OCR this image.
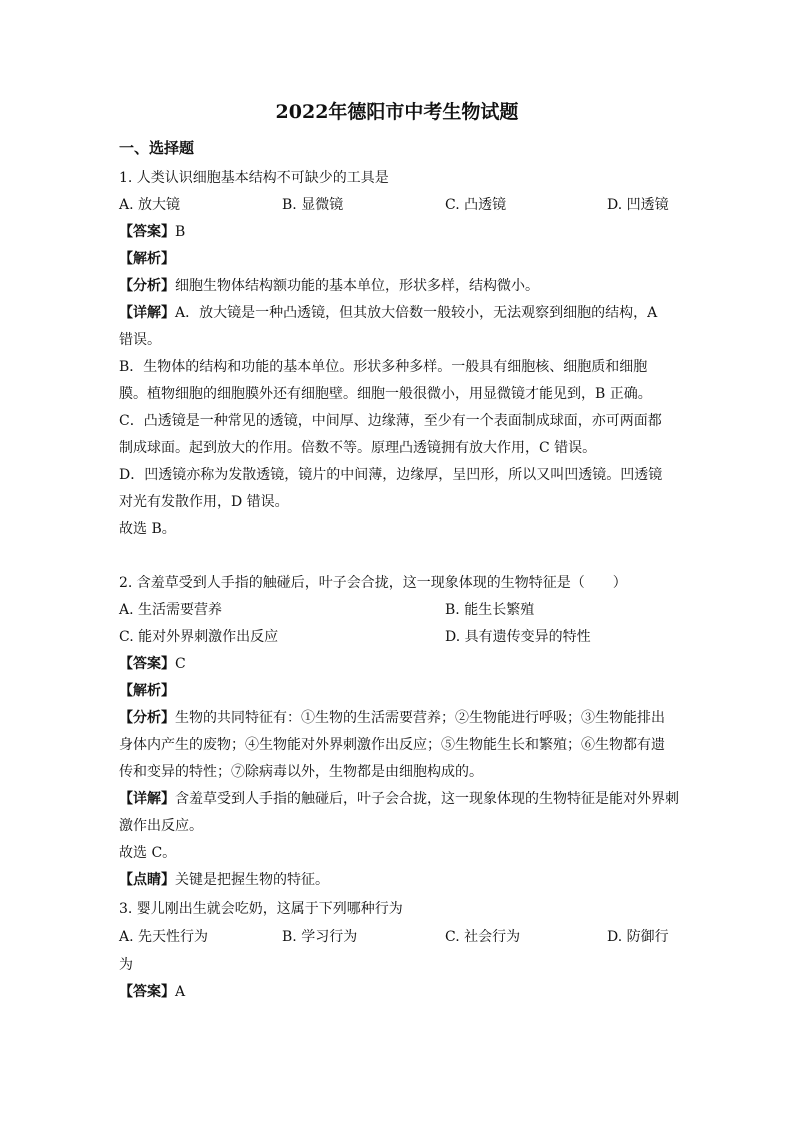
2022年德阳市中考生物试题
一、选择题
1. 人类认识细胞基本结构不可缺少的工具是
A. 放大镜	B. 显微镜	C. 凸透镜	D. 凹透镜
【答案】B
【解析】
【分析】细胞生物体结构额功能的基本单位，形状多样，结构微小。
【详解】A．放大镜是一种凸透镜，但其放大倍数一般较小，无法观察到细胞的结构，A
错误。
B．生物体的结构和功能的基本单位。形状多种多样。一般具有细胞核、细胞质和细胞
膜。植物细胞的细胞膜外还有细胞壁。细胞一般很微小，用显微镜才能见到，B 正确。
C．凸透镜是一种常见的透镜，中间厚、边缘薄，至少有一个表面制成球面，亦可两面都
制成球面。起到放大的作用。倍数不等。原理凸透镜拥有放大作用，C 错误。
D．凹透镜亦称为发散透镜，镜片的中间薄，边缘厚，呈凹形，所以又叫凹透镜。凹透镜
对光有发散作用，D 错误。
故选 B。
2. 含羞草受到人手指的触碰后，叶子会合拢，这一现象体现的生物特征是（　　）
A. 生活需要营养	B. 能生长繁殖
C. 能对外界刺激作出反应	D. 具有遗传变异的特性
【答案】C
【解析】
【分析】生物的共同特征有：①生物的生活需要营养；②生物能进行呼吸；③生物能排出
身体内产生的废物；④生物能对外界刺激作出反应；⑤生物能生长和繁殖；⑥生物都有遗
传和变异的特性；⑦除病毒以外，生物都是由细胞构成的。
【详解】含羞草受到人手指的触碰后，叶子会合拢，这一现象体现的生物特征是能对外界刺
激作出反应。
故选 C。
【点睛】关键是把握生物的特征。
3. 婴儿刚出生就会吃奶，这属于下列哪种行为
A. 先天性行为	B. 学习行为	C. 社会行为	D. 防御行
为
【答案】A
